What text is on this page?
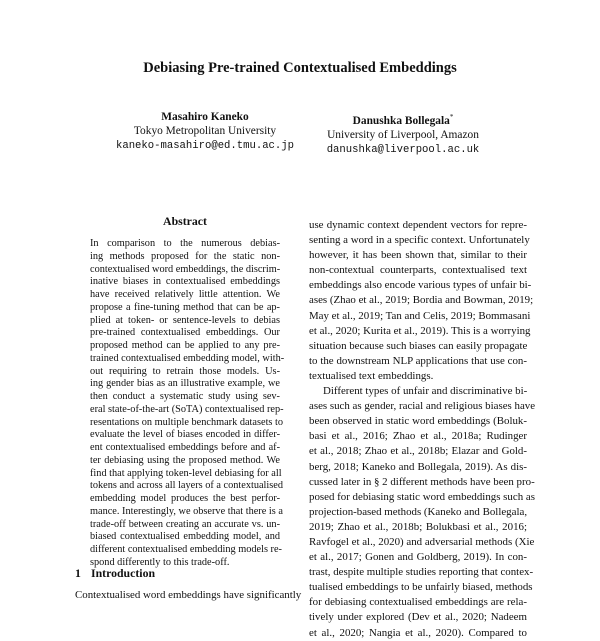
Debiasing Pre-trained Contextualised Embeddings
Masahiro Kaneko
Tokyo Metropolitan University
kaneko-masahiro@ed.tmu.ac.jp
Danushka Bollegala*
University of Liverpool, Amazon
danushka@liverpool.ac.uk
Abstract
In comparison to the numerous debias-
ing methods proposed for the static non-
contextualised word embeddings, the discrim-
inative biases in contextualised embeddings
have received relatively little attention. We
propose a fine-tuning method that can be ap-
plied at token- or sentence-levels to debias
pre-trained contextualised embeddings. Our
proposed method can be applied to any pre-
trained contextualised embedding model, with-
out requiring to retrain those models. Us-
ing gender bias as an illustrative example, we
then conduct a systematic study using sev-
eral state-of-the-art (SoTA) contextualised rep-
resentations on multiple benchmark datasets to
evaluate the level of biases encoded in differ-
ent contextualised embeddings before and af-
ter debiasing using the proposed method. We
find that applying token-level debiasing for all
tokens and across all layers of a contextualised
embedding model produces the best perfor-
mance. Interestingly, we observe that there is a
trade-off between creating an accurate vs. un-
biased contextualised embedding model, and
different contextualised embedding models re-
spond differently to this trade-off.
1 Introduction
Contextualised word embeddings have significantly
use dynamic context dependent vectors for repre-
senting a word in a specific context. Unfortunately
however, it has been shown that, similar to their
non-contextual counterparts, contextualised text
embeddings also encode various types of unfair bi-
ases (Zhao et al., 2019; Bordia and Bowman, 2019;
May et al., 2019; Tan and Celis, 2019; Bommasani
et al., 2020; Kurita et al., 2019). This is a worrying
situation because such biases can easily propagate
to the downstream NLP applications that use con-
textualised text embeddings.
Different types of unfair and discriminative bi-
ases such as gender, racial and religious biases have
been observed in static word embeddings (Boluk-
basi et al., 2016; Zhao et al., 2018a; Rudinger
et al., 2018; Zhao et al., 2018b; Elazar and Gold-
berg, 2018; Kaneko and Bollegala, 2019). As dis-
cussed later in § 2 different methods have been pro-
posed for debiasing static word embeddings such as
projection-based methods (Kaneko and Bollegala,
2019; Zhao et al., 2018b; Bolukbasi et al., 2016;
Ravfogel et al., 2020) and adversarial methods (Xie
et al., 2017; Gonen and Goldberg, 2019). In con-
trast, despite multiple studies reporting that contex-
tualised embeddings to be unfairly biased, methods
for debiasing contextualised embeddings are rela-
tively under explored (Dev et al., 2020; Nadeem
et al., 2020; Nangia et al., 2020). Compared to
